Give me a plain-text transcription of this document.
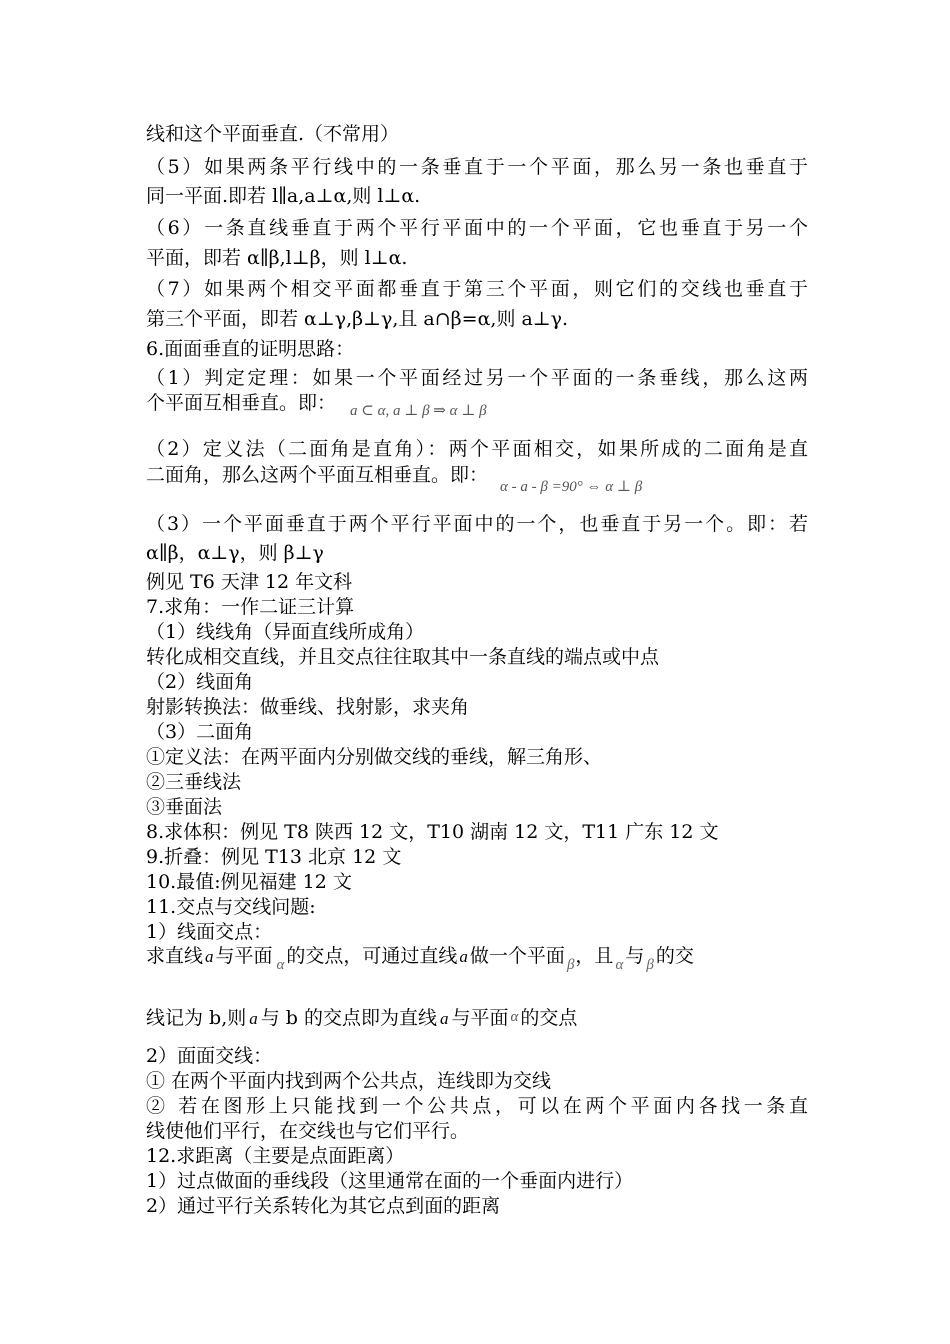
线和这个平面垂直.（不常用）
（5）如果两条平行线中的一条垂直于一个平面，那么另一条也垂直于
同一平面.即若 l∥a,a⊥α,则 l⊥α.
（6）一条直线垂直于两个平行平面中的一个平面，它也垂直于另一个
平面，即若 α∥β,l⊥β，则 l⊥α.
（7）如果两个相交平面都垂直于第三个平面，则它们的交线也垂直于
第三个平面，即若 α⊥γ,β⊥γ,且 a∩β=α,则 a⊥γ.
6.面面垂直的证明思路：
（1）判定定理：如果一个平面经过另一个平面的一条垂线，那么这两
个平面互相垂直。即： $_{a \subset \alpha, a \perp \beta \Rightarrow \alpha \perp \beta}$
（2）定义法（二面角是直角）：两个平面相交，如果所成的二面角是直
二面角，那么这两个平面互相垂直。即：$_{\alpha - a - \beta =90^\circ \Leftrightarrow \alpha \perp \beta}$
（3）一个平面垂直于两个平行平面中的一个，也垂直于另一个。即：若
α∥β，α⊥γ，则 β⊥γ
例见 T6 天津 12 年文科
7.求角：一作二证三计算
（1）线线角（异面直线所成角）
转化成相交直线，并且交点往往取其中一条直线的端点或中点
（2）线面角
射影转换法：做垂线、找射影，求夹角
（3）二面角
①定义法：在两平面内分别做交线的垂线，解三角形、
②三垂线法
③垂面法
8.求体积：例见 T8 陕西 12 文，T10 湖南 12 文，T11 广东 12 文
9.折叠：例见 T13 北京 12 文
10.最值:例见福建 12 文
11.交点与交线问题:
1）线面交点：
求直线 a 与平面 $_\alpha$ 的交点，可通过直线 a 做一个平面 $_\beta$，且 $_\alpha$ 与 $_\beta$ 的交
线记为 b,则 a 与 b 的交点即为直线 a 与平面 α 的交点
2）面面交线：
① 在两个平面内找到两个公共点，连线即为交线
② 若在图形上只能找到一个公共点，可以在两个平面内各找一条直
线使他们平行，在交线也与它们平行。
12.求距离（主要是点面距离）
1）过点做面的垂线段（这里通常在面的一个垂面内进行）
2）通过平行关系转化为其它点到面的距离
